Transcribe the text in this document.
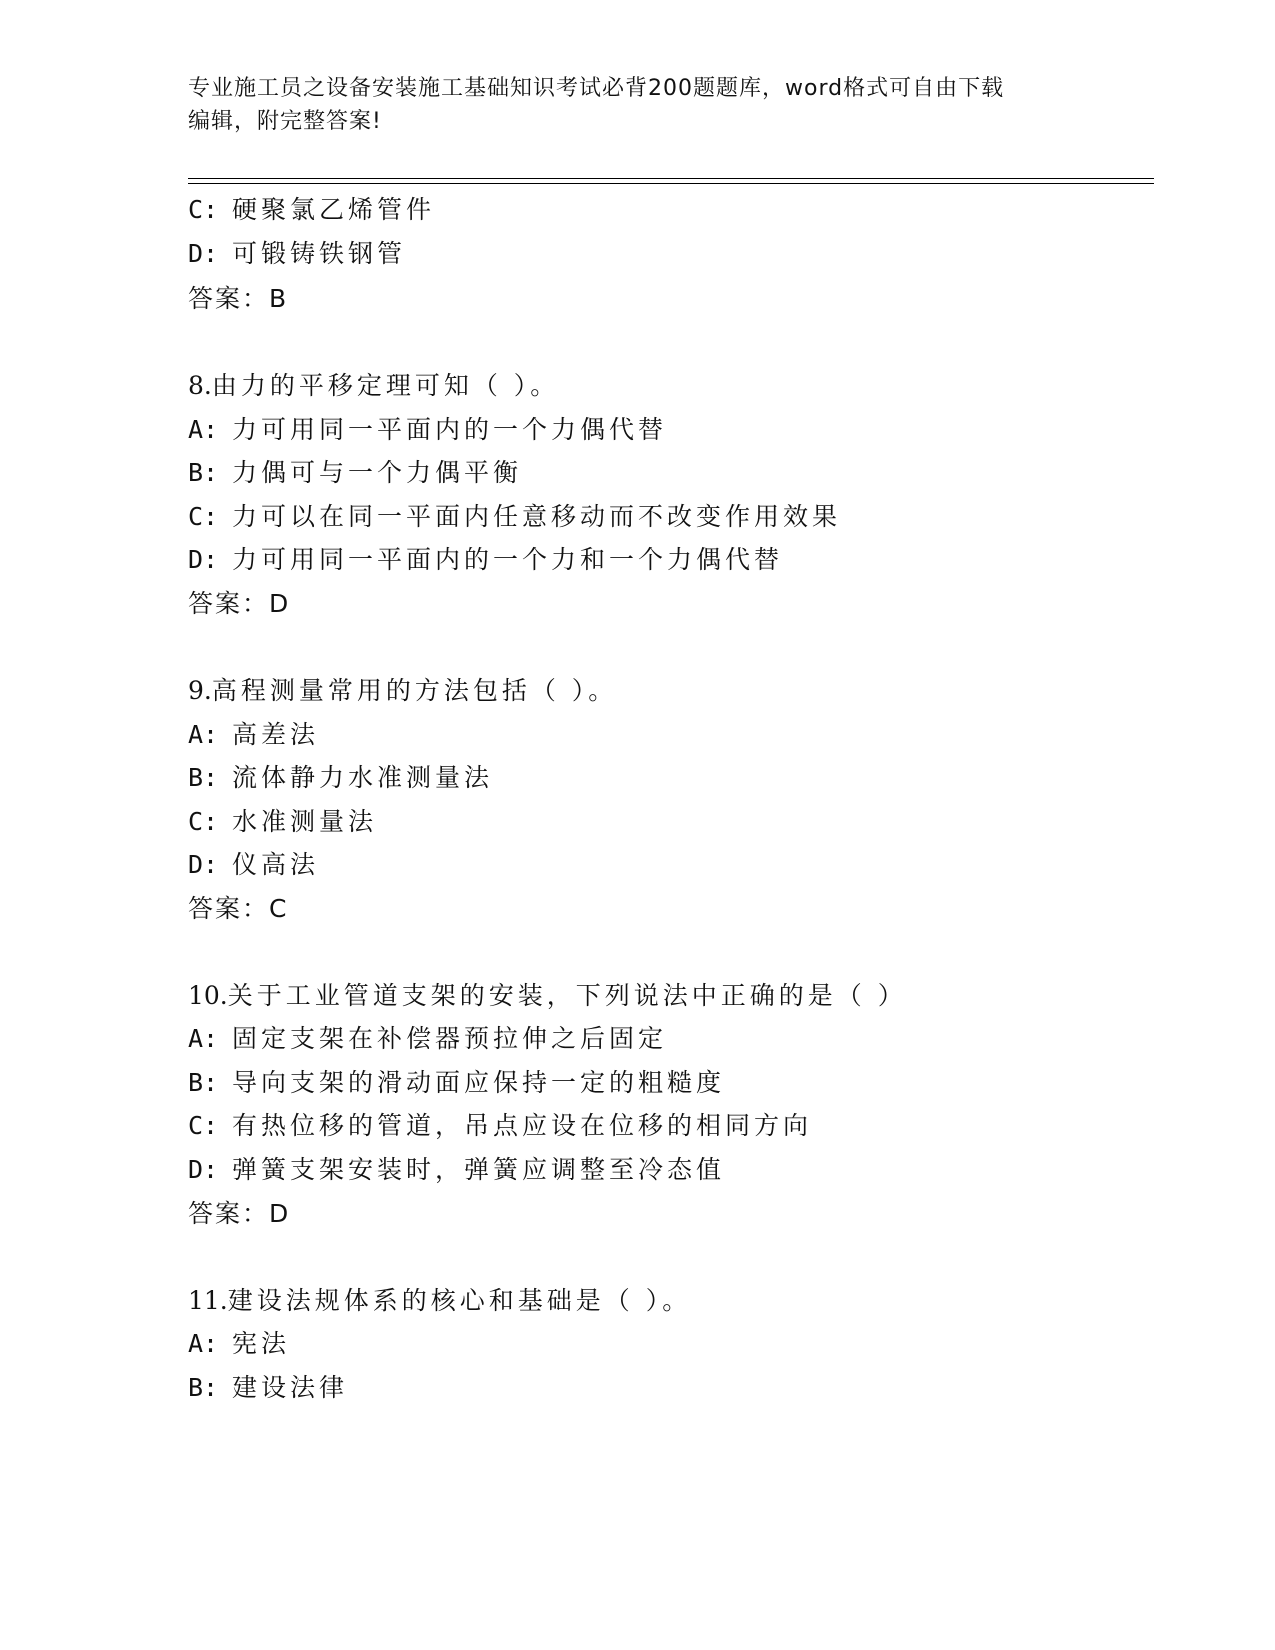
专业施工员之设备安装施工基础知识考试必背200题题库，word格式可自由下载
编辑，附完整答案!
C: 硬聚氯乙烯管件
D: 可锻铸铁钢管
答案：B
8.由力的平移定理可知（ ）。
A: 力可用同一平面内的一个力偶代替
B: 力偶可与一个力偶平衡
C: 力可以在同一平面内任意移动而不改变作用效果
D: 力可用同一平面内的一个力和一个力偶代替
答案：D
9.高程测量常用的方法包括（ ）。
A: 高差法
B: 流体静力水准测量法
C: 水准测量法
D: 仪高法
答案：C
10.关于工业管道支架的安装，下列说法中正确的是（ ）
A: 固定支架在补偿器预拉伸之后固定
B: 导向支架的滑动面应保持一定的粗糙度
C: 有热位移的管道，吊点应设在位移的相同方向
D: 弹簧支架安装时，弹簧应调整至冷态值
答案：D
11.建设法规体系的核心和基础是（ ）。
A: 宪法
B: 建设法律
